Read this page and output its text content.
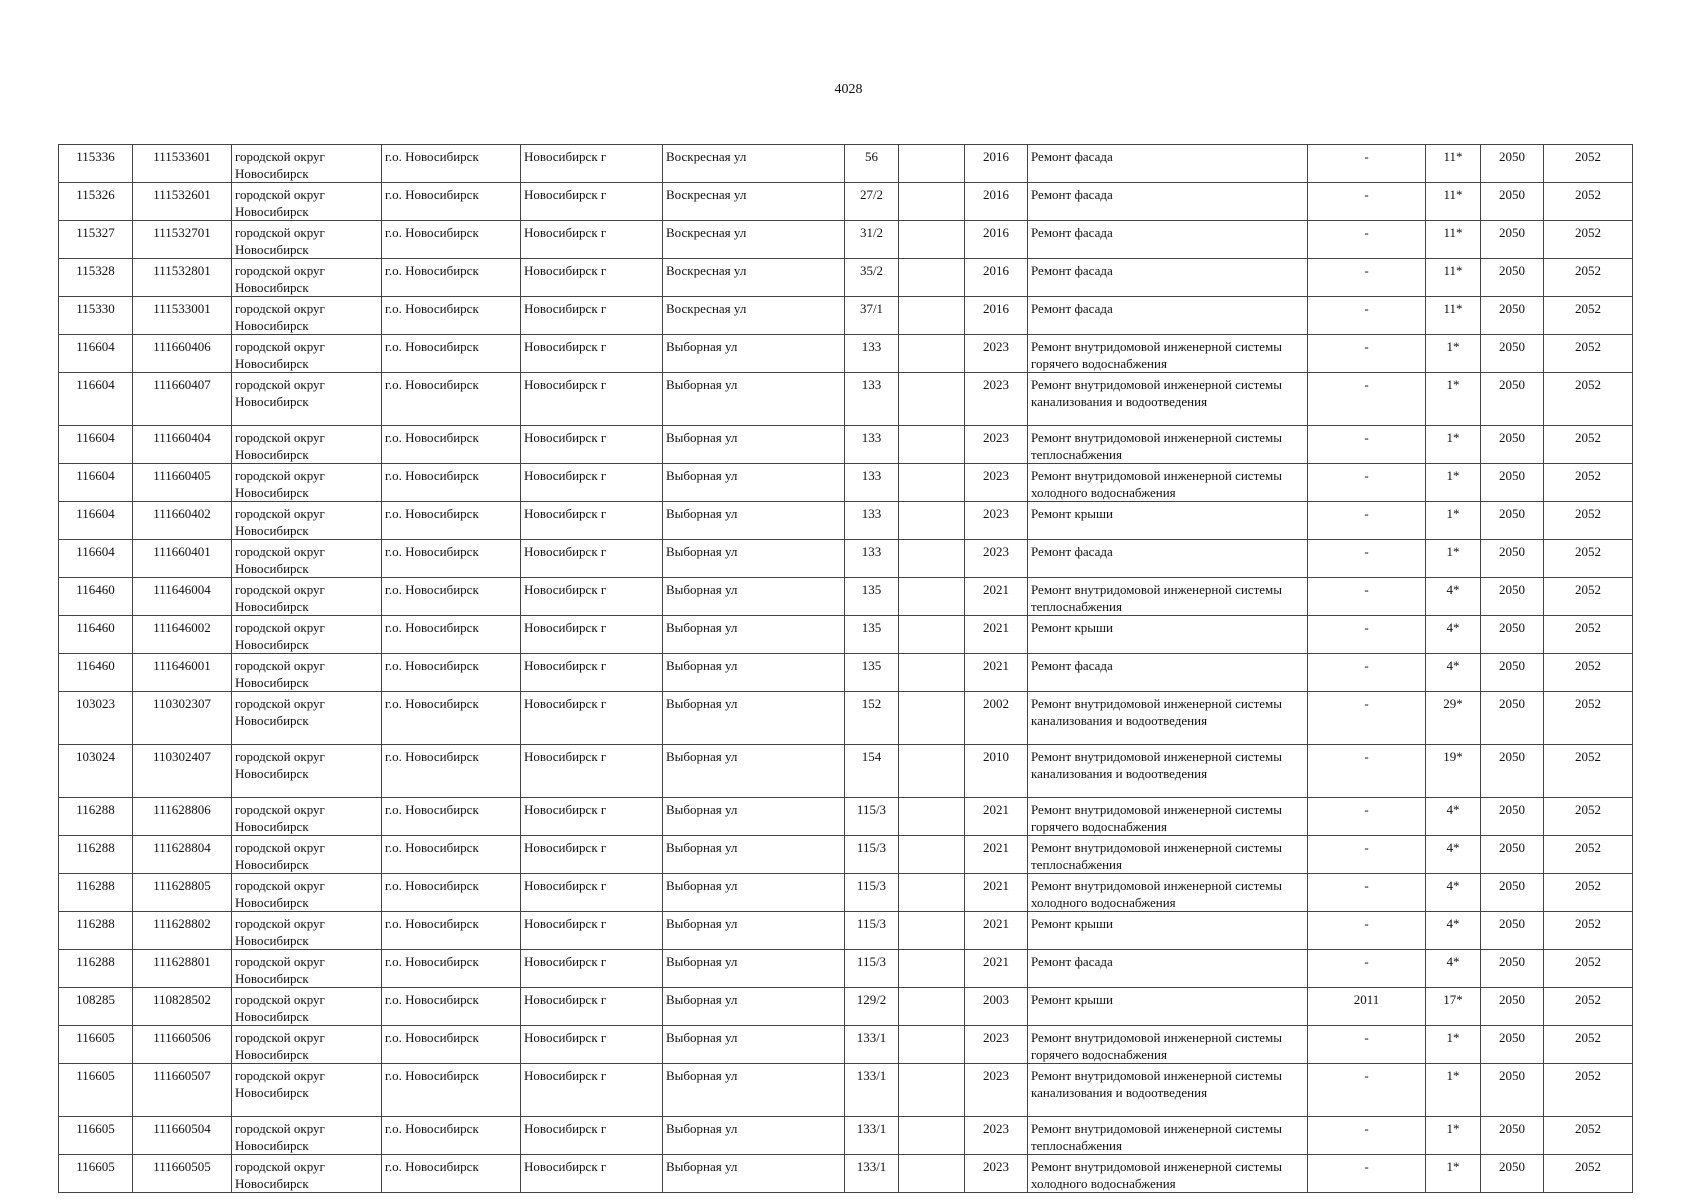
4028
115336	111533601	городской округ Новосибирск	г.о. Новосибирск	Новосибирск г	Воскресная ул	56		2016	Ремонт фасада	-	11*	2050	2052
115326	111532601	городской округ Новосибирск	г.о. Новосибирск	Новосибирск г	Воскресная ул	27/2		2016	Ремонт фасада	-	11*	2050	2052
115327	111532701	городской округ Новосибирск	г.о. Новосибирск	Новосибирск г	Воскресная ул	31/2		2016	Ремонт фасада	-	11*	2050	2052
115328	111532801	городской округ Новосибирск	г.о. Новосибирск	Новосибирск г	Воскресная ул	35/2		2016	Ремонт фасада	-	11*	2050	2052
115330	111533001	городской округ Новосибирск	г.о. Новосибирск	Новосибирск г	Воскресная ул	37/1		2016	Ремонт фасада	-	11*	2050	2052
116604	111660406	городской округ Новосибирск	г.о. Новосибирск	Новосибирск г	Выборная ул	133		2023	Ремонт внутридомовой инженерной системы горячего водоснабжения	-	1*	2050	2052
116604	111660407	городской округ Новосибирск	г.о. Новосибирск	Новосибирск г	Выборная ул	133		2023	Ремонт внутридомовой инженерной системы канализования и водоотведения	-	1*	2050	2052
116604	111660404	городской округ Новосибирск	г.о. Новосибирск	Новосибирск г	Выборная ул	133		2023	Ремонт внутридомовой инженерной системы теплоснабжения	-	1*	2050	2052
116604	111660405	городской округ Новосибирск	г.о. Новосибирск	Новосибирск г	Выборная ул	133		2023	Ремонт внутридомовой инженерной системы холодного водоснабжения	-	1*	2050	2052
116604	111660402	городской округ Новосибирск	г.о. Новосибирск	Новосибирск г	Выборная ул	133		2023	Ремонт крыши	-	1*	2050	2052
116604	111660401	городской округ Новосибирск	г.о. Новосибирск	Новосибирск г	Выборная ул	133		2023	Ремонт фасада	-	1*	2050	2052
116460	111646004	городской округ Новосибирск	г.о. Новосибирск	Новосибирск г	Выборная ул	135		2021	Ремонт внутридомовой инженерной системы теплоснабжения	-	4*	2050	2052
116460	111646002	городской округ Новосибирск	г.о. Новосибирск	Новосибирск г	Выборная ул	135		2021	Ремонт крыши	-	4*	2050	2052
116460	111646001	городской округ Новосибирск	г.о. Новосибирск	Новосибирск г	Выборная ул	135		2021	Ремонт фасада	-	4*	2050	2052
103023	110302307	городской округ Новосибирск	г.о. Новосибирск	Новосибирск г	Выборная ул	152		2002	Ремонт внутридомовой инженерной системы канализования и водоотведения	-	29*	2050	2052
103024	110302407	городской округ Новосибирск	г.о. Новосибирск	Новосибирск г	Выборная ул	154		2010	Ремонт внутридомовой инженерной системы канализования и водоотведения	-	19*	2050	2052
116288	111628806	городской округ Новосибирск	г.о. Новосибирск	Новосибирск г	Выборная ул	115/3		2021	Ремонт внутридомовой инженерной системы горячего водоснабжения	-	4*	2050	2052
116288	111628804	городской округ Новосибирск	г.о. Новосибирск	Новосибирск г	Выборная ул	115/3		2021	Ремонт внутридомовой инженерной системы теплоснабжения	-	4*	2050	2052
116288	111628805	городской округ Новосибирск	г.о. Новосибирск	Новосибирск г	Выборная ул	115/3		2021	Ремонт внутридомовой инженерной системы холодного водоснабжения	-	4*	2050	2052
116288	111628802	городской округ Новосибирск	г.о. Новосибирск	Новосибирск г	Выборная ул	115/3		2021	Ремонт крыши	-	4*	2050	2052
116288	111628801	городской округ Новосибирск	г.о. Новосибирск	Новосибирск г	Выборная ул	115/3		2021	Ремонт фасада	-	4*	2050	2052
108285	110828502	городской округ Новосибирск	г.о. Новосибирск	Новосибирск г	Выборная ул	129/2		2003	Ремонт крыши	2011	17*	2050	2052
116605	111660506	городской округ Новосибирск	г.о. Новосибирск	Новосибирск г	Выборная ул	133/1		2023	Ремонт внутридомовой инженерной системы горячего водоснабжения	-	1*	2050	2052
116605	111660507	городской округ Новосибирск	г.о. Новосибирск	Новосибирск г	Выборная ул	133/1		2023	Ремонт внутридомовой инженерной системы канализования и водоотведения	-	1*	2050	2052
116605	111660504	городской округ Новосибирск	г.о. Новосибирск	Новосибирск г	Выборная ул	133/1		2023	Ремонт внутридомовой инженерной системы теплоснабжения	-	1*	2050	2052
116605	111660505	городской округ Новосибирск	г.о. Новосибирск	Новосибирск г	Выборная ул	133/1		2023	Ремонт внутридомовой инженерной системы холодного водоснабжения	-	1*	2050	2052
